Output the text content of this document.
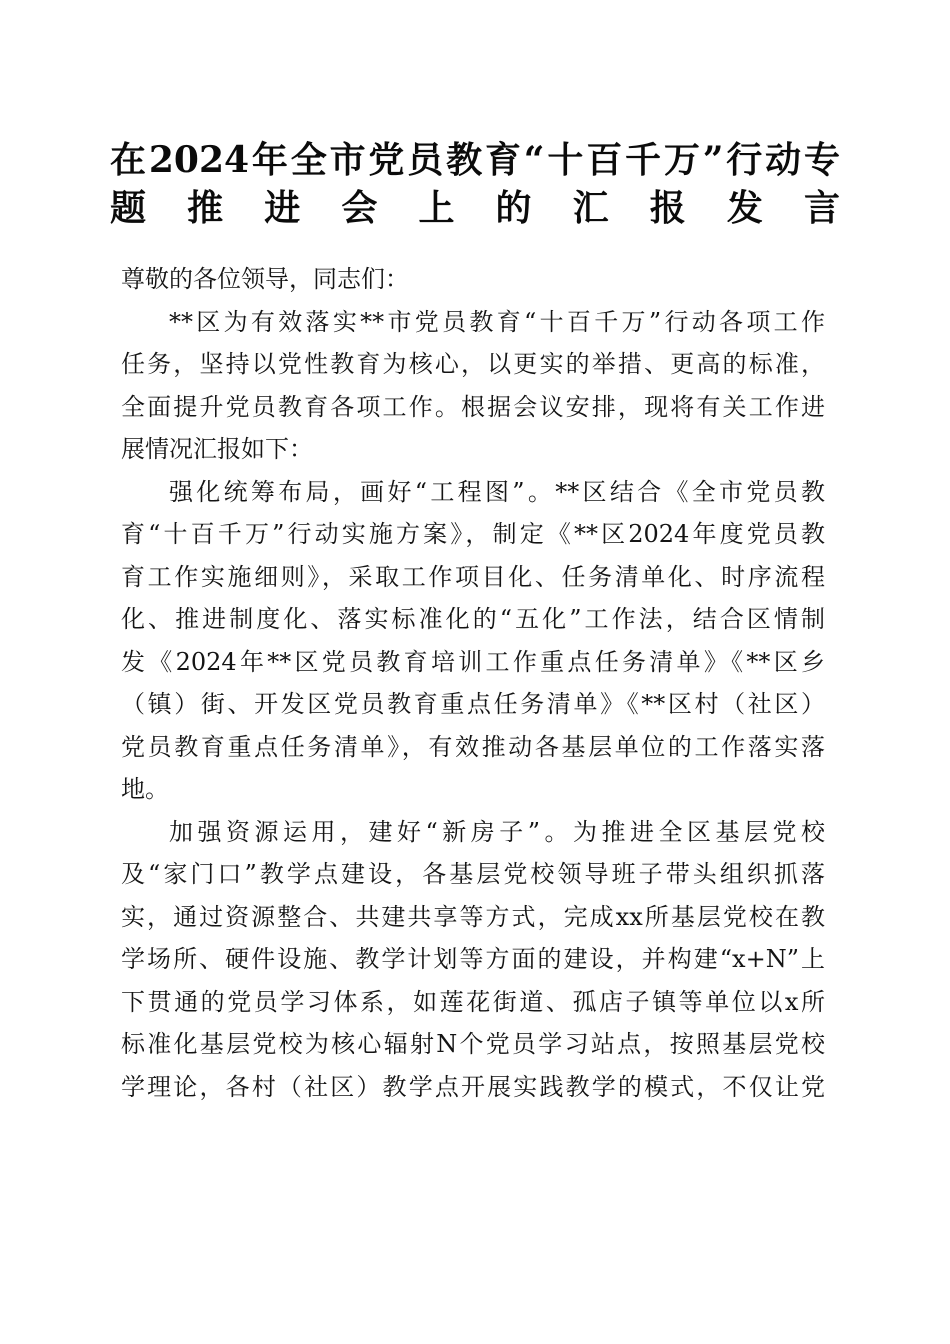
在2024年全市党员教育“十百千万”行动专
题推进会上的汇报发言

尊敬的各位领导，同志们：

**区为有效落实**市党员教育“十百千万”行动各项工作
任务，坚持以党性教育为核心，以更实的举措、更高的标准，
全面提升党员教育各项工作。根据会议安排，现将有关工作进
展情况汇报如下：

强化统筹布局，画好“工程图”。**区结合《全市党员教
育“十百千万”行动实施方案》，制定《**区2024年度党员教
育工作实施细则》，采取工作项目化、任务清单化、时序流程
化、推进制度化、落实标准化的“五化”工作法，结合区情制
发《2024年**区党员教育培训工作重点任务清单》《**区乡
（镇）街、开发区党员教育重点任务清单》《**区村（社区）
党员教育重点任务清单》，有效推动各基层单位的工作落实落
地。

加强资源运用，建好“新房子”。为推进全区基层党校
及“家门口”教学点建设，各基层党校领导班子带头组织抓落
实，通过资源整合、共建共享等方式，完成xx所基层党校在教
学场所、硬件设施、教学计划等方面的建设，并构建“x+N”上
下贯通的党员学习体系，如莲花街道、孤店子镇等单位以x所
标准化基层党校为核心辐射N个党员学习站点，按照基层党校
学理论，各村（社区）教学点开展实践教学的模式，不仅让党
